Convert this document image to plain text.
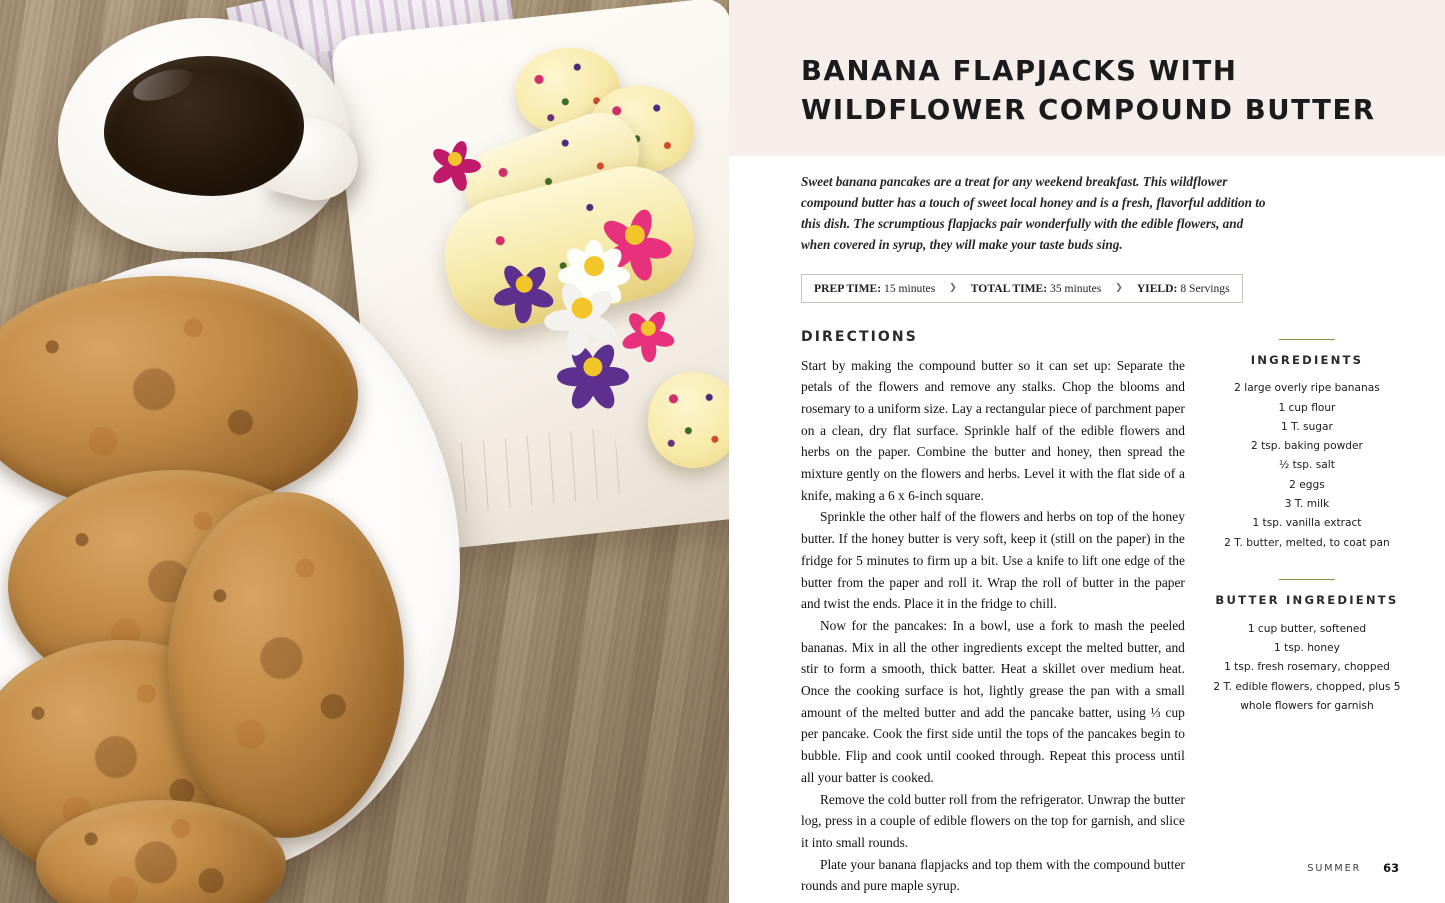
BANANA FLAPJACKS WITH WILDFLOWER COMPOUND BUTTER

Sweet banana pancakes are a treat for any weekend breakfast. This wildflower compound butter has a touch of sweet local honey and is a fresh, flavorful addition to this dish. The scrumptious flapjacks pair wonderfully with the edible flowers, and when covered in syrup, they will make your taste buds sing.

PREP TIME:
15 minutes ❯ TOTAL TIME:
35 minutes ❯ YIELD:
8 Servings
DIRECTIONS

Start by making the compound butter so it can set up: Separate the petals of the flowers and remove any stalks. Chop the blooms and rosemary to a uniform size. Lay a rectangular piece of parchment paper on a clean, dry flat surface. Sprinkle half of the edible flowers and herbs on the paper. Combine the butter and honey, then spread the mixture gently on the flowers and herbs. Level it with the flat side of a knife, making a 6 x 6-inch square.

Sprinkle the other half of the flowers and herbs on top of the honey butter. If the honey butter is very soft, keep it (still on the paper) in the fridge for 5 minutes to firm up a bit. Use a knife to lift one edge of the butter from the paper and roll it. Wrap the roll of butter in the paper and twist the ends. Place it in the fridge to chill.

Now for the pancakes: In a bowl, use a fork to mash the peeled bananas. Mix in all the other ingredients except the melted butter, and stir to form a smooth, thick batter. Heat a skillet over medium heat. Once the cooking surface is hot, lightly grease the pan with a small amount of the melted butter and add the pancake batter, using ⅓ cup per pancake. Cook the first side until the tops of the pancakes begin to bubble. Flip and cook until cooked through. Repeat this process until all your batter is cooked.

Remove the cold butter roll from the refrigerator. Unwrap the butter log, press in a couple of edible flowers on the top for garnish, and slice it into small rounds.

Plate your banana flapjacks and top them with the compound butter rounds and pure maple syrup.

INGREDIENTS
2 large overly ripe bananas
1 cup flour
1 T. sugar
2 tsp. baking powder
½ tsp. salt
2 eggs
3 T. milk
1 tsp. vanilla extract
2 T. butter, melted, to coat pan
BUTTER INGREDIENTS
1 cup butter, softened
1 tsp. honey
1 tsp. fresh rosemary, chopped
2 T. edible flowers, chopped, plus 5 whole flowers for garnish
SUMMER 63
